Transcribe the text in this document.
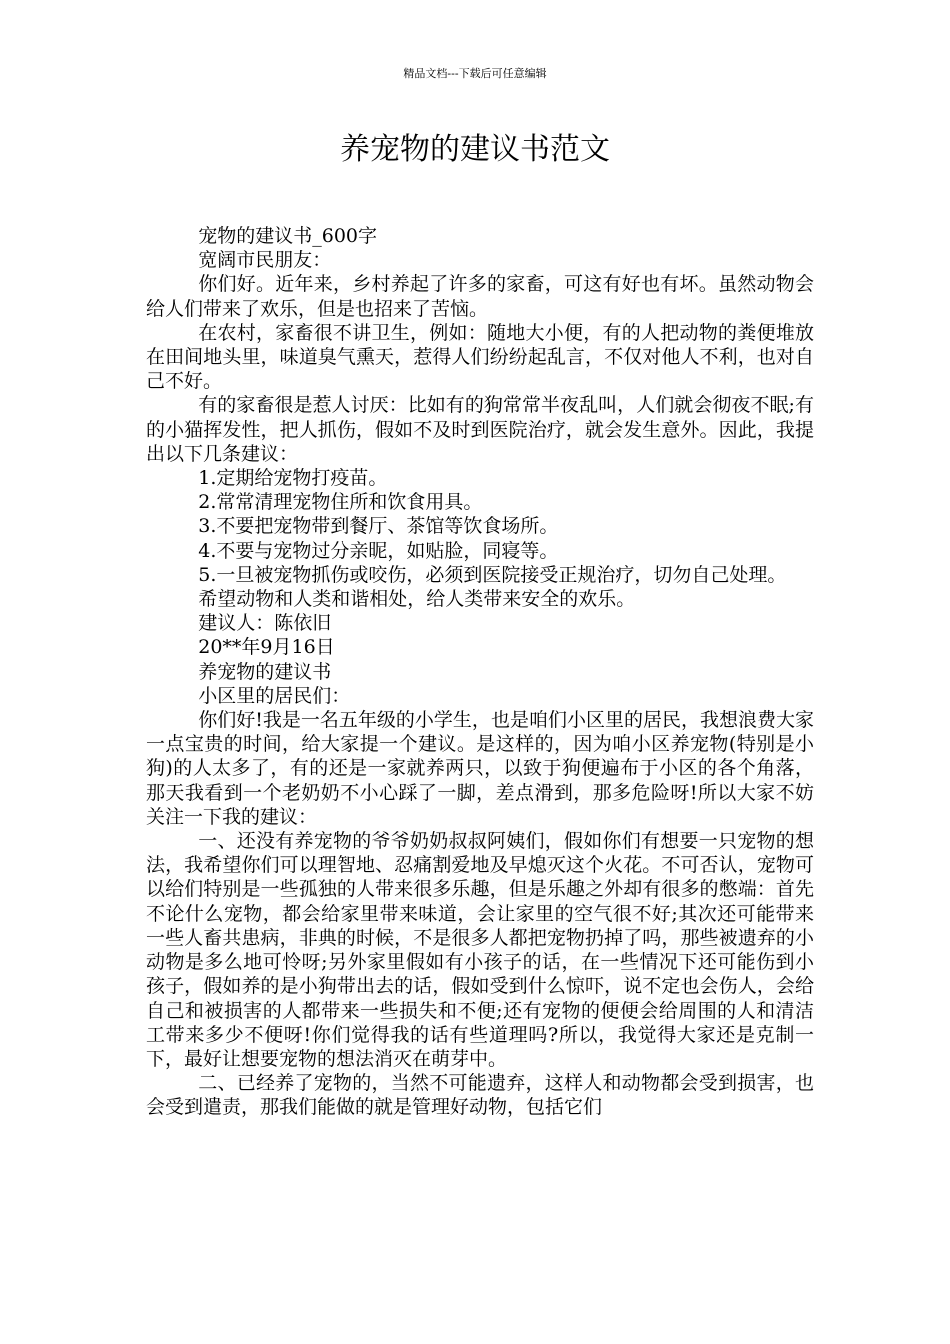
精品文档---下载后可任意编辑
养宠物的建议书范文

宠物的建议书_600字

宽阔市民朋友：

你们好。近年来，乡村养起了许多的家畜，可这有好也有坏。虽然动物会给人们带来了欢乐，但是也招来了苦恼。

在农村，家畜很不讲卫生，例如：随地大小便，有的人把动物的粪便堆放在田间地头里，味道臭气熏天，惹得人们纷纷起乱言，不仅对他人不利，也对自己不好。

有的家畜很是惹人讨厌：比如有的狗常常半夜乱叫，人们就会彻夜不眠;有的小猫挥发性，把人抓伤，假如不及时到医院治疗，就会发生意外。因此，我提出以下几条建议：

1.定期给宠物打疫苗。

2.常常清理宠物住所和饮食用具。

3.不要把宠物带到餐厅、茶馆等饮食场所。

4.不要与宠物过分亲昵，如贴脸，同寝等。

5.一旦被宠物抓伤或咬伤，必须到医院接受正规治疗，切勿自己处理。

希望动物和人类和谐相处，给人类带来安全的欢乐。

建议人：陈依旧

20**年9月16日

养宠物的建议书

小区里的居民们：

你们好!我是一名五年级的小学生，也是咱们小区里的居民，我想浪费大家一点宝贵的时间，给大家提一个建议。是这样的，因为咱小区养宠物(特别是小狗)的人太多了，有的还是一家就养两只，以致于狗便遍布于小区的各个角落，那天我看到一个老奶奶不小心踩了一脚，差点滑到，那多危险呀!所以大家不妨关注一下我的建议：

一、还没有养宠物的爷爷奶奶叔叔阿姨们，假如你们有想要一只宠物的想法，我希望你们可以理智地、忍痛割爱地及早熄灭这个火花。不可否认，宠物可以给们特别是一些孤独的人带来很多乐趣，但是乐趣之外却有很多的憋端：首先不论什么宠物，都会给家里带来味道，会让家里的空气很不好;其次还可能带来一些人畜共患病，非典的时候，不是很多人都把宠物扔掉了吗，那些被遗弃的小动物是多么地可怜呀;另外家里假如有小孩子的话，在一些情况下还可能伤到小孩子，假如养的是小狗带出去的话，假如受到什么惊吓，说不定也会伤人，会给自己和被损害的人都带来一些损失和不便;还有宠物的便便会给周围的人和清洁工带来多少不便呀!你们觉得我的话有些道理吗?所以，我觉得大家还是克制一下，最好让想要宠物的想法消灭在萌芽中。

二、已经养了宠物的，当然不可能遗弃，这样人和动物都会受到损害，也会受到遣责，那我们能做的就是管理好动物，包括它们
